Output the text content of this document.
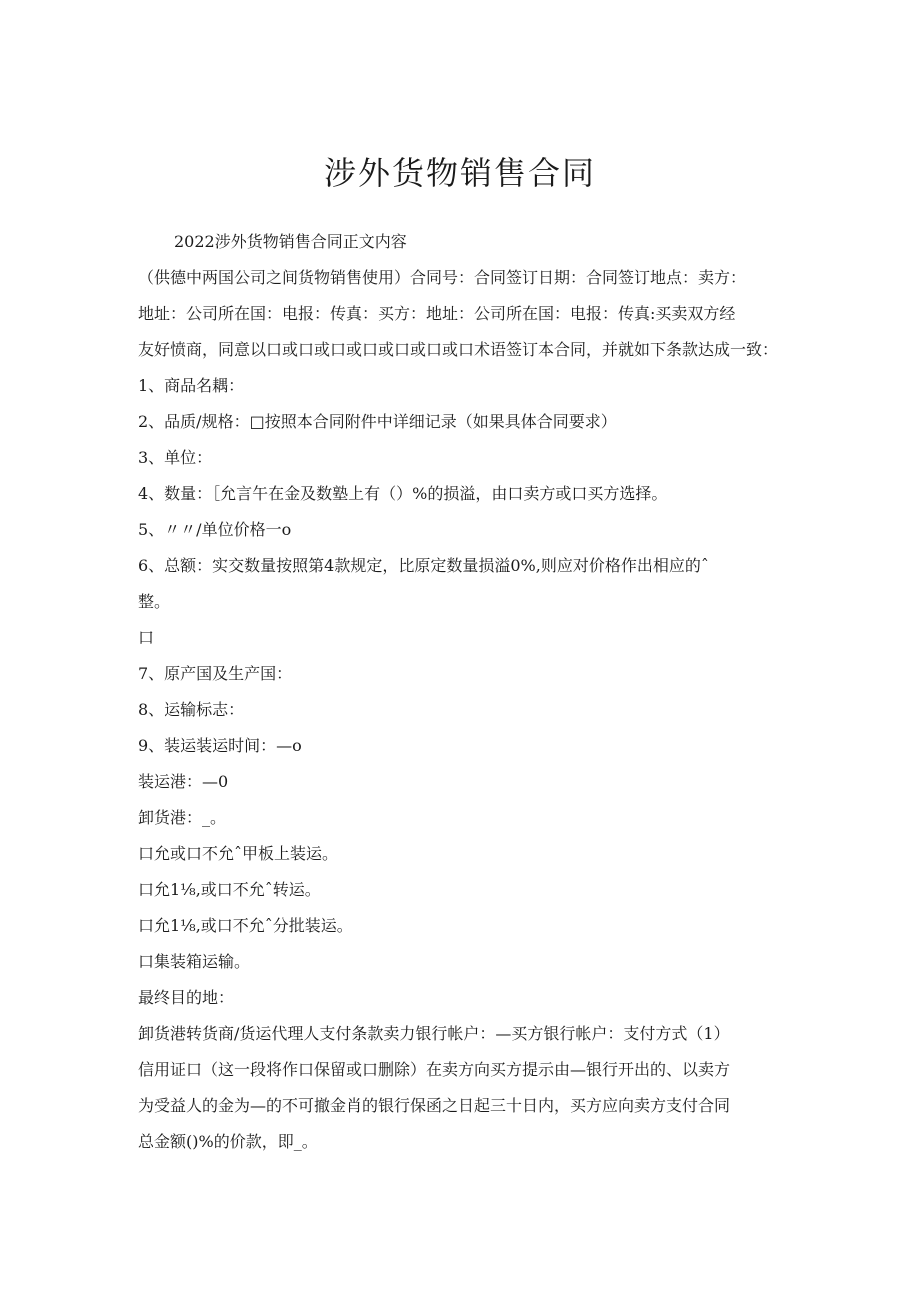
涉外货物销售合同
2022涉外货物销售合同正文内容
（供德中两国公司之间货物销售使用）合同号：合同签订日期：合同签订地点：卖方：
地址：公司所在国：电报：传真：买方：地址：公司所在国：电报：传真:买卖双方经
友好愤商，同意以口或口或口或口或口或口或口术语签订本合同，并就如下条款达成一致：
1、商品名耦：
2、品质/规格：□按照本合同附件中详细记录（如果具体合同要求）
3、单位：
4、数量：［允言午在金及数塾上有（）%的损溢，由口卖方或口买方选择。
5、〃〃/单位价格一o
6、总额：实交数量按照第4款规定，比原定数量损溢0%,则应对价格作出相应的ˆ
整。
口
7、原产国及生产国：
8、运输标志：
9、装运装运时间：—o
装运港：—0
卸货港：_。
口允或口不允ˆ甲板上装运。
口允1⅛,或口不允ˆ转运。
口允1⅛,或口不允ˆ分批装运。
口集装箱运输。
最终目的地：
卸货港转货商/货运代理人支付条款卖力银行帐户：—买方银行帐户：支付方式（1）
信用证口（这一段将作口保留或口删除）在卖方向买方提示由—银行开出的、以卖方
为受益人的金为—的不可撤金肖的银行保函之日起三十日内，买方应向卖方支付合同
总金额()%的价款，即_。
